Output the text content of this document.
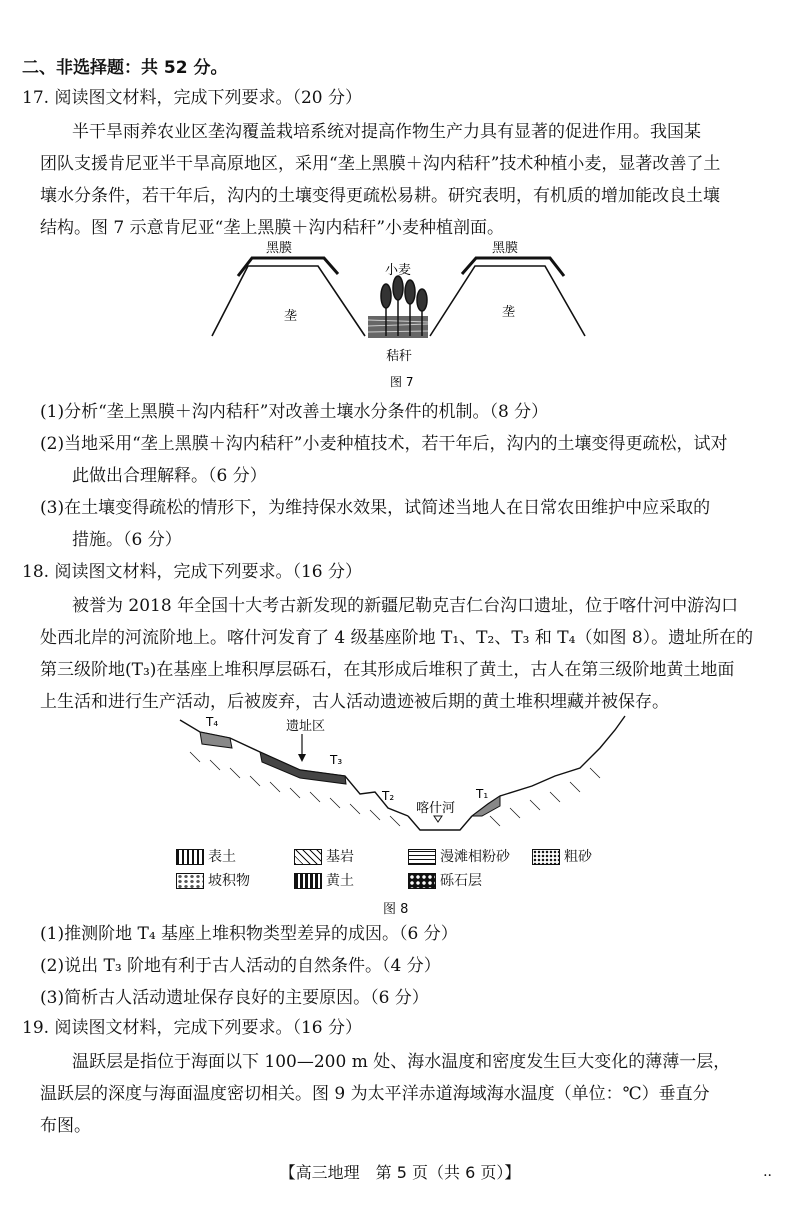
二、非选择题：共 52 分。
17. 阅读图文材料，完成下列要求。（20 分）
半干旱雨养农业区垄沟覆盖栽培系统对提高作物生产力具有显著的促进作用。我国某
团队支援肯尼亚半干旱高原地区，采用“垄上黑膜＋沟内秸秆”技术种植小麦，显著改善了土
壤水分条件，若干年后，沟内的土壤变得更疏松易耕。研究表明，有机质的增加能改良土壤
结构。图 7 示意肯尼亚“垄上黑膜＋沟内秸秆”小麦种植剖面。
黑膜	黑膜
小麦
垄	垄
秸秆
图 7
(1)分析“垄上黑膜＋沟内秸秆”对改善土壤水分条件的机制。（8 分）
(2)当地采用“垄上黑膜＋沟内秸秆”小麦种植技术，若干年后，沟内的土壤变得更疏松，试对
此做出合理解释。（6 分）
(3)在土壤变得疏松的情形下，为维持保水效果，试简述当地人在日常农田维护中应采取的
措施。（6 分）
18. 阅读图文材料，完成下列要求。（16 分）
被誉为 2018 年全国十大考古新发现的新疆尼勒克吉仁台沟口遗址，位于喀什河中游沟口
处西北岸的河流阶地上。喀什河发育了 4 级基座阶地 T₁、T₂、T₃ 和 T₄（如图 8）。遗址所在的
第三级阶地(T₃)在基座上堆积厚层砾石，在其形成后堆积了黄土，古人在第三级阶地黄土地面
上生活和进行生产活动，后被废弃，古人活动遗迹被后期的黄土堆积埋藏并被保存。
T₄	遗址区
T₃
T₂
喀什河
T₁
表土	基岩	漫滩相粉砂	粗砂
坡积物	黄土	砾石层
图 8
(1)推测阶地 T₄ 基座上堆积物类型差异的成因。（6 分）
(2)说出 T₃ 阶地有利于古人活动的自然条件。（4 分）
(3)简析古人活动遗址保存良好的主要原因。（6 分）
19. 阅读图文材料，完成下列要求。（16 分）
温跃层是指位于海面以下 100—200 m 处、海水温度和密度发生巨大变化的薄薄一层，
温跃层的深度与海面温度密切相关。图 9 为太平洋赤道海域海水温度（单位：℃）垂直分
布图。
【高三地理　第 5 页（共 6 页）】	··
